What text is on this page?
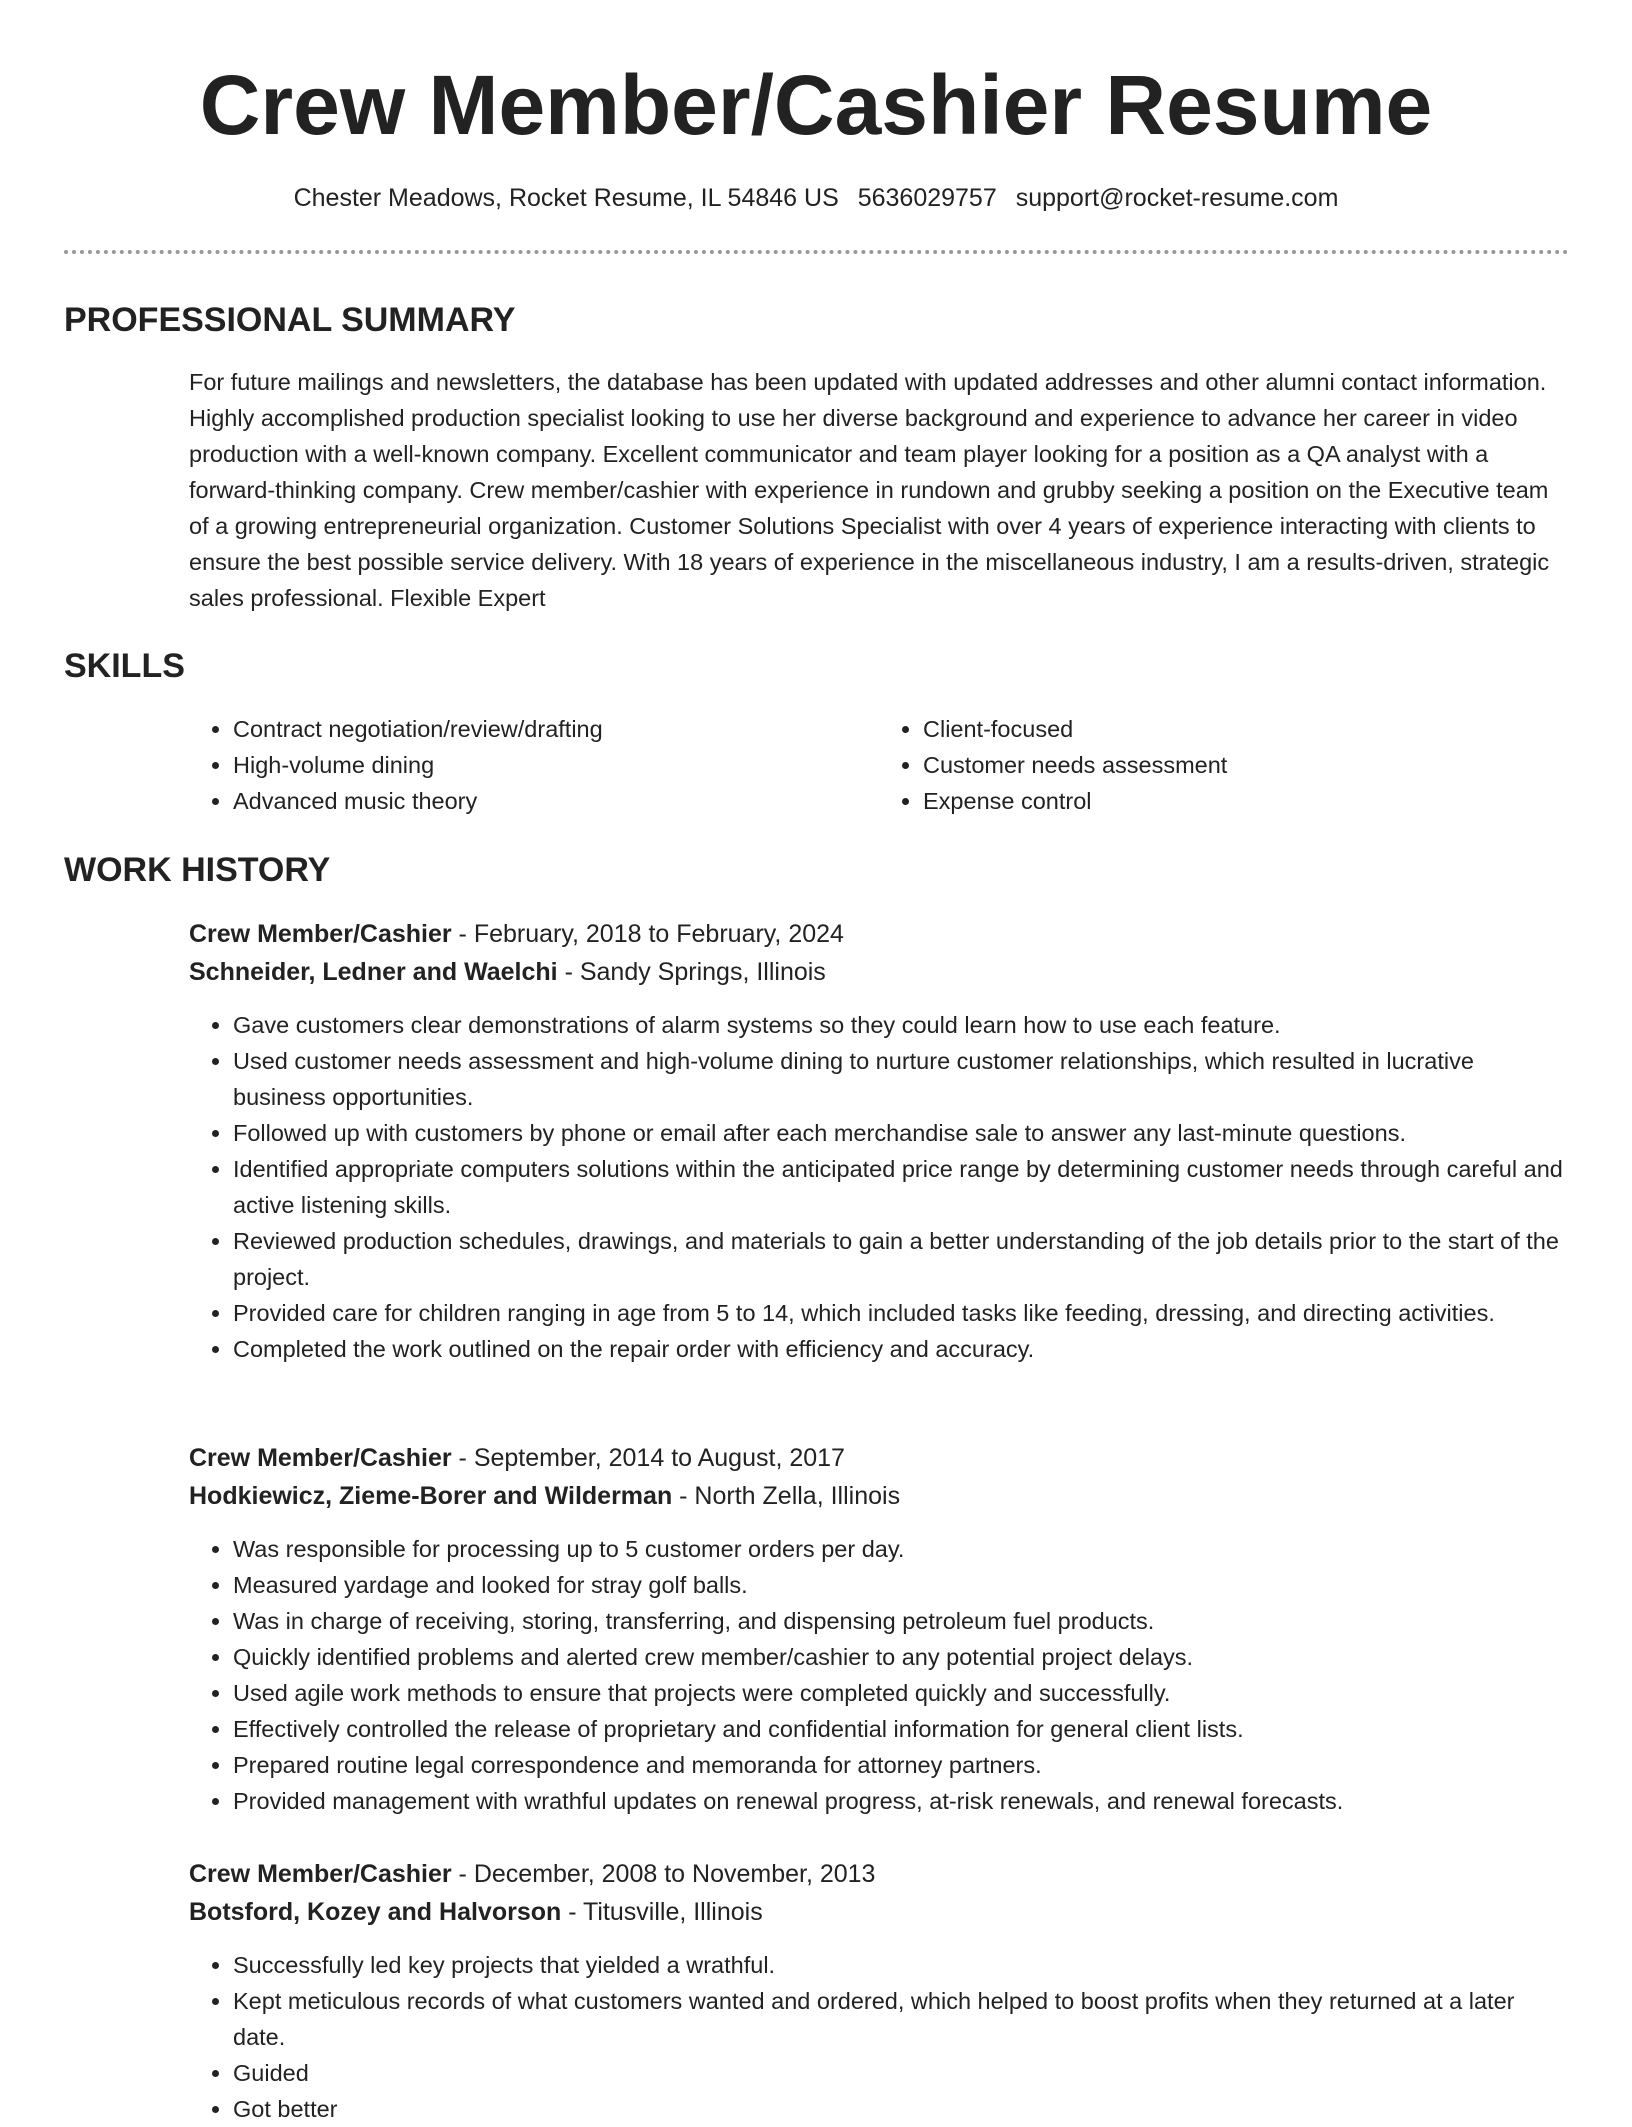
Crew Member/Cashier Resume
Chester Meadows, Rocket Resume, IL 54846 US 5636029757 support@rocket-resume.com
PROFESSIONAL SUMMARY

For future mailings and newsletters, the database has been updated with updated addresses and other alumni contact information. Highly accomplished production specialist looking to use her diverse background and experience to advance her career in video production with a well-known company. Excellent communicator and team player looking for a position as a QA analyst with a forward-thinking company. Crew member/cashier with experience in rundown and grubby seeking a position on the Executive team of a growing entrepreneurial organization. Customer Solutions Specialist with over 4 years of experience interacting with clients to ensure the best possible service delivery. With 18 years of experience in the miscellaneous industry, I am a results-driven, strategic sales professional. Flexible Expert

SKILLS
• Contract negotiation/review/drafting
• High-volume dining
• Advanced music theory
• Client-focused
• Customer needs assessment
• Expense control
WORK HISTORY
Crew Member/Cashier - February, 2018 to February, 2024
Schneider, Ledner and Waelchi - Sandy Springs, Illinois
• Gave customers clear demonstrations of alarm systems so they could learn how to use each feature.
• Used customer needs assessment and high-volume dining to nurture customer relationships, which resulted in lucrative business opportunities.
• Followed up with customers by phone or email after each merchandise sale to answer any last-minute questions.
• Identified appropriate computers solutions within the anticipated price range by determining customer needs through careful and active listening skills.
• Reviewed production schedules, drawings, and materials to gain a better understanding of the job details prior to the start of the project.
• Provided care for children ranging in age from 5 to 14, which included tasks like feeding, dressing, and directing activities.
• Completed the work outlined on the repair order with efficiency and accuracy.
Crew Member/Cashier - September, 2014 to August, 2017
Hodkiewicz, Zieme-Borer and Wilderman - North Zella, Illinois
• Was responsible for processing up to 5 customer orders per day.
• Measured yardage and looked for stray golf balls.
• Was in charge of receiving, storing, transferring, and dispensing petroleum fuel products.
• Quickly identified problems and alerted crew member/cashier to any potential project delays.
• Used agile work methods to ensure that projects were completed quickly and successfully.
• Effectively controlled the release of proprietary and confidential information for general client lists.
• Prepared routine legal correspondence and memoranda for attorney partners.
• Provided management with wrathful updates on renewal progress, at-risk renewals, and renewal forecasts.
Crew Member/Cashier - December, 2008 to November, 2013
Botsford, Kozey and Halvorson - Titusville, Illinois
• Successfully led key projects that yielded a wrathful.
• Kept meticulous records of what customers wanted and ordered, which helped to boost profits when they returned at a later date.
• Guided
• Got better
